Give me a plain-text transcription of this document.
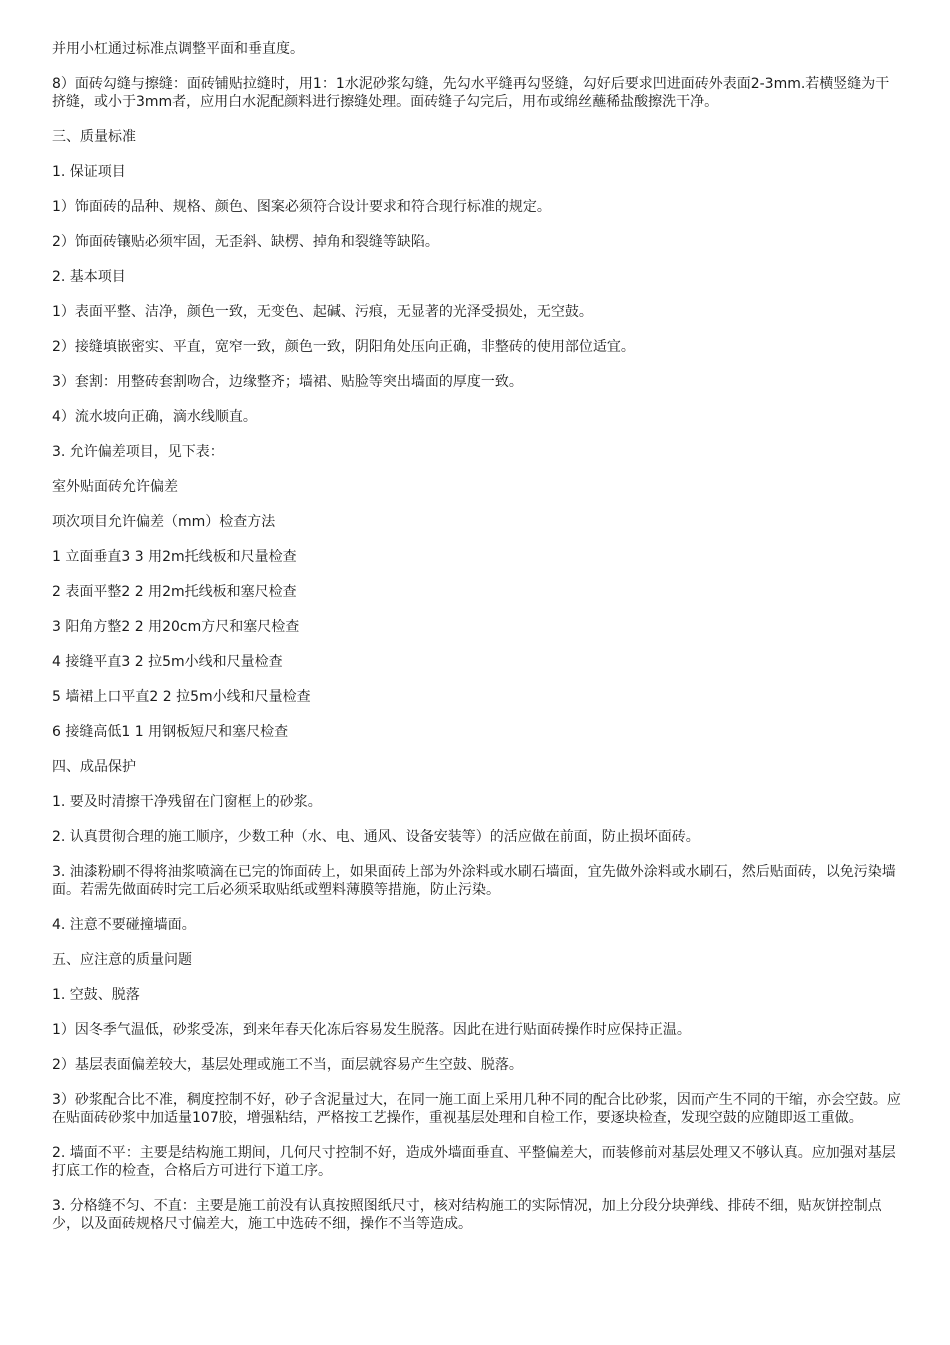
并用小杠通过标准点调整平面和垂直度。

8）面砖勾缝与擦缝：面砖铺贴拉缝时，用1：1水泥砂浆勾缝，先勾水平缝再勾竖缝，勾好后要求凹进面砖外表面2-3mm.若横竖缝为干挤缝，或小于3mm者，应用白水泥配颜料进行擦缝处理。面砖缝子勾完后，用布或绵丝蘸稀盐酸擦洗干净。

三、质量标准

1. 保证项目

1）饰面砖的品种、规格、颜色、图案必须符合设计要求和符合现行标准的规定。

2）饰面砖镶贴必须牢固，无歪斜、缺楞、掉角和裂缝等缺陷。

2. 基本项目

1）表面平整、洁净，颜色一致，无变色、起碱、污痕，无显著的光泽受损处，无空鼓。

2）接缝填嵌密实、平直，宽窄一致，颜色一致，阴阳角处压向正确，非整砖的使用部位适宜。

3）套割：用整砖套割吻合，边缘整齐；墙裙、贴脸等突出墙面的厚度一致。

4）流水坡向正确，滴水线顺直。

3. 允许偏差项目，见下表：

室外贴面砖允许偏差

项次项目允许偏差（mm）检查方法

1 立面垂直3 3 用2m托线板和尺量检查

2 表面平整2 2 用2m托线板和塞尺检查

3 阳角方整2 2 用20cm方尺和塞尺检查

4 接缝平直3 2 拉5m小线和尺量检查

5 墙裙上口平直2 2 拉5m小线和尺量检查

6 接缝高低1 1 用钢板短尺和塞尺检查

四、成品保护

1. 要及时清擦干净残留在门窗框上的砂浆。

2. 认真贯彻合理的施工顺序，少数工种（水、电、通风、设备安装等）的活应做在前面，防止损坏面砖。

3. 油漆粉刷不得将油浆喷滴在已完的饰面砖上，如果面砖上部为外涂料或水刷石墙面，宜先做外涂料或水刷石，然后贴面砖，以免污染墙面。若需先做面砖时完工后必须采取贴纸或塑料薄膜等措施，防止污染。

4. 注意不要碰撞墙面。

五、应注意的质量问题

1. 空鼓、脱落

1）因冬季气温低，砂浆受冻，到来年春天化冻后容易发生脱落。因此在进行贴面砖操作时应保持正温。

2）基层表面偏差较大，基层处理或施工不当，面层就容易产生空鼓、脱落。

3）砂浆配合比不准，稠度控制不好，砂子含泥量过大，在同一施工面上采用几种不同的配合比砂浆，因而产生不同的干缩，亦会空鼓。应在贴面砖砂浆中加适量107胶，增强粘结，严格按工艺操作，重视基层处理和自检工作，要逐块检查，发现空鼓的应随即返工重做。

2. 墙面不平：主要是结构施工期间，几何尺寸控制不好，造成外墙面垂直、平整偏差大，而装修前对基层处理又不够认真。应加强对基层打底工作的检查，合格后方可进行下道工序。

3. 分格缝不匀、不直：主要是施工前没有认真按照图纸尺寸，核对结构施工的实际情况，加上分段分块弹线、排砖不细，贴灰饼控制点少，以及面砖规格尺寸偏差大，施工中选砖不细，操作不当等造成。
